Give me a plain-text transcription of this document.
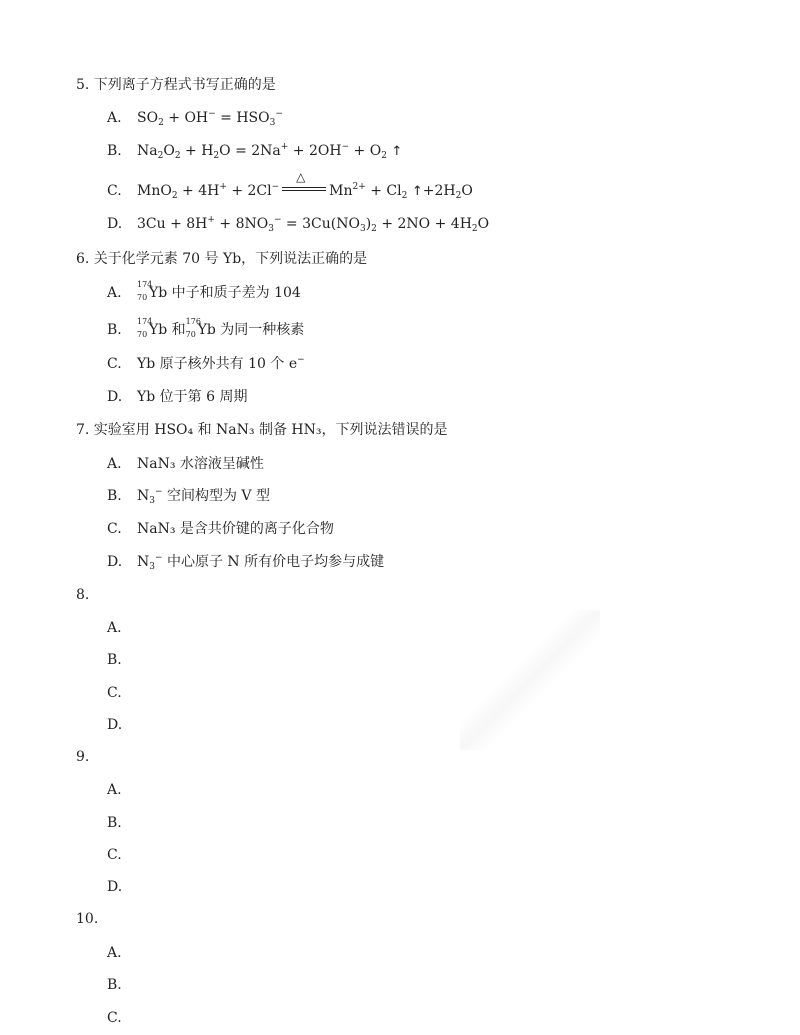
5. 下列离子方程式书写正确的是
A. $SO_2 + OH^- = HSO_3^-$
B. $Na_2O_2 + H_2O = 2Na^+ + 2OH^- + O_2$ ↑
C. MnO$_2$ + 4H+ + 2Cl−
△
$Mn^{2+} + Cl_2$ $↑+2H_2O$
D. $3Cu + 8H^+ + 8NO_3^- = 3Cu(NO_3)_2 + 2NO + 4H_2O$
6. 关于化学元素 70 号 Yb，下列说法正确的是
A.
174
70 Yb 中子和质子差为 104
B.
174
70 Yb 和
176
70 Yb 为同一种核素
C. Yb 原子核外共有 10 个 e−
D. Yb 位于第 6 周期
7. 实验室用 HSO₄ 和 NaN₃ 制备 HN₃，下列说法错误的是
A. NaN₃ 水溶液呈碱性
B. $N_3^-$ 空间构型为 V 型
C. NaN₃ 是含共价键的离子化合物
D. $N_3^-$ 中心原子 N 所有价电子均参与成键
8.
A.
B.
C.
D.
9.
A.
B.
C.
D.
10.
A.
B.
C.
